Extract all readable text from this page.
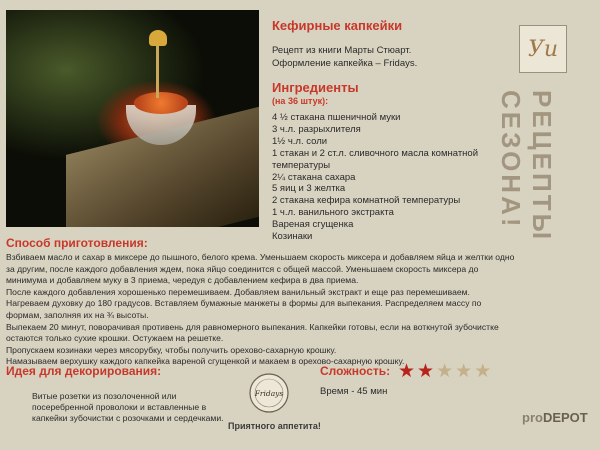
Кефирные капкейки
Рецепт из книги Марты Стюарт.
Оформление капкейка – Fridays.
Ингредиенты
(на 36 штук):
4 ½ стакана пшеничной муки
3 ч.л. разрыхлителя
1½ ч.л. соли
1 стакан и 2 ст.л. сливочного масла комнатной температуры
2¼ стакана сахара
5 яиц и 3 желтка
2 стакана кефира комнатной температуры
1 ч.л. ванильного экстракта
Вареная сгущенка
Козинаки
Уи
РЕЦЕПТЫ СЕЗОНА!
Способ приготовления:

Взбиваем масло и сахар в миксере до пышного, белого крема. Уменьшаем скорость миксера и добавляем яйца и желтки одно за другим, после каждого добавления ждем, пока яйцо соединится с общей массой. Уменьшаем скорость миксера до минимума и добавляем муку в 3 приема, чередуя с добавлением кефира в два приема.

После каждого добавления хорошенько перемешиваем. Добавляем ванильный экстракт и еще раз перемешиваем.

Нагреваем духовку до 180 градусов. Вставляем бумажные манжеты в формы для выпекания. Распределяем массу по формам, заполняя их на ¾ высоты.

Выпекаем 20 минут, поворачивая противень для равномерного выпекания. Капкейки готовы, если на воткнутой зубочистке остаются только сухие крошки. Остужаем на решетке.

Пропускаем козинаки через мясорубку, чтобы получить орехово-сахарную крошку.

Намазываем верхушку каждого капкейка вареной сгущенкой и макаем в орехово-сахарную крошку.

Идея для декорирования:
Витые розетки из позолоченной или посеребренной проволоки и вставленные в капкейки зубочистки с розочками и сердечками.
Fridays
Приятного аппетита!
Сложность: ★ ★ ★ ★ ★
Время - 45 мин
proDEPOT
